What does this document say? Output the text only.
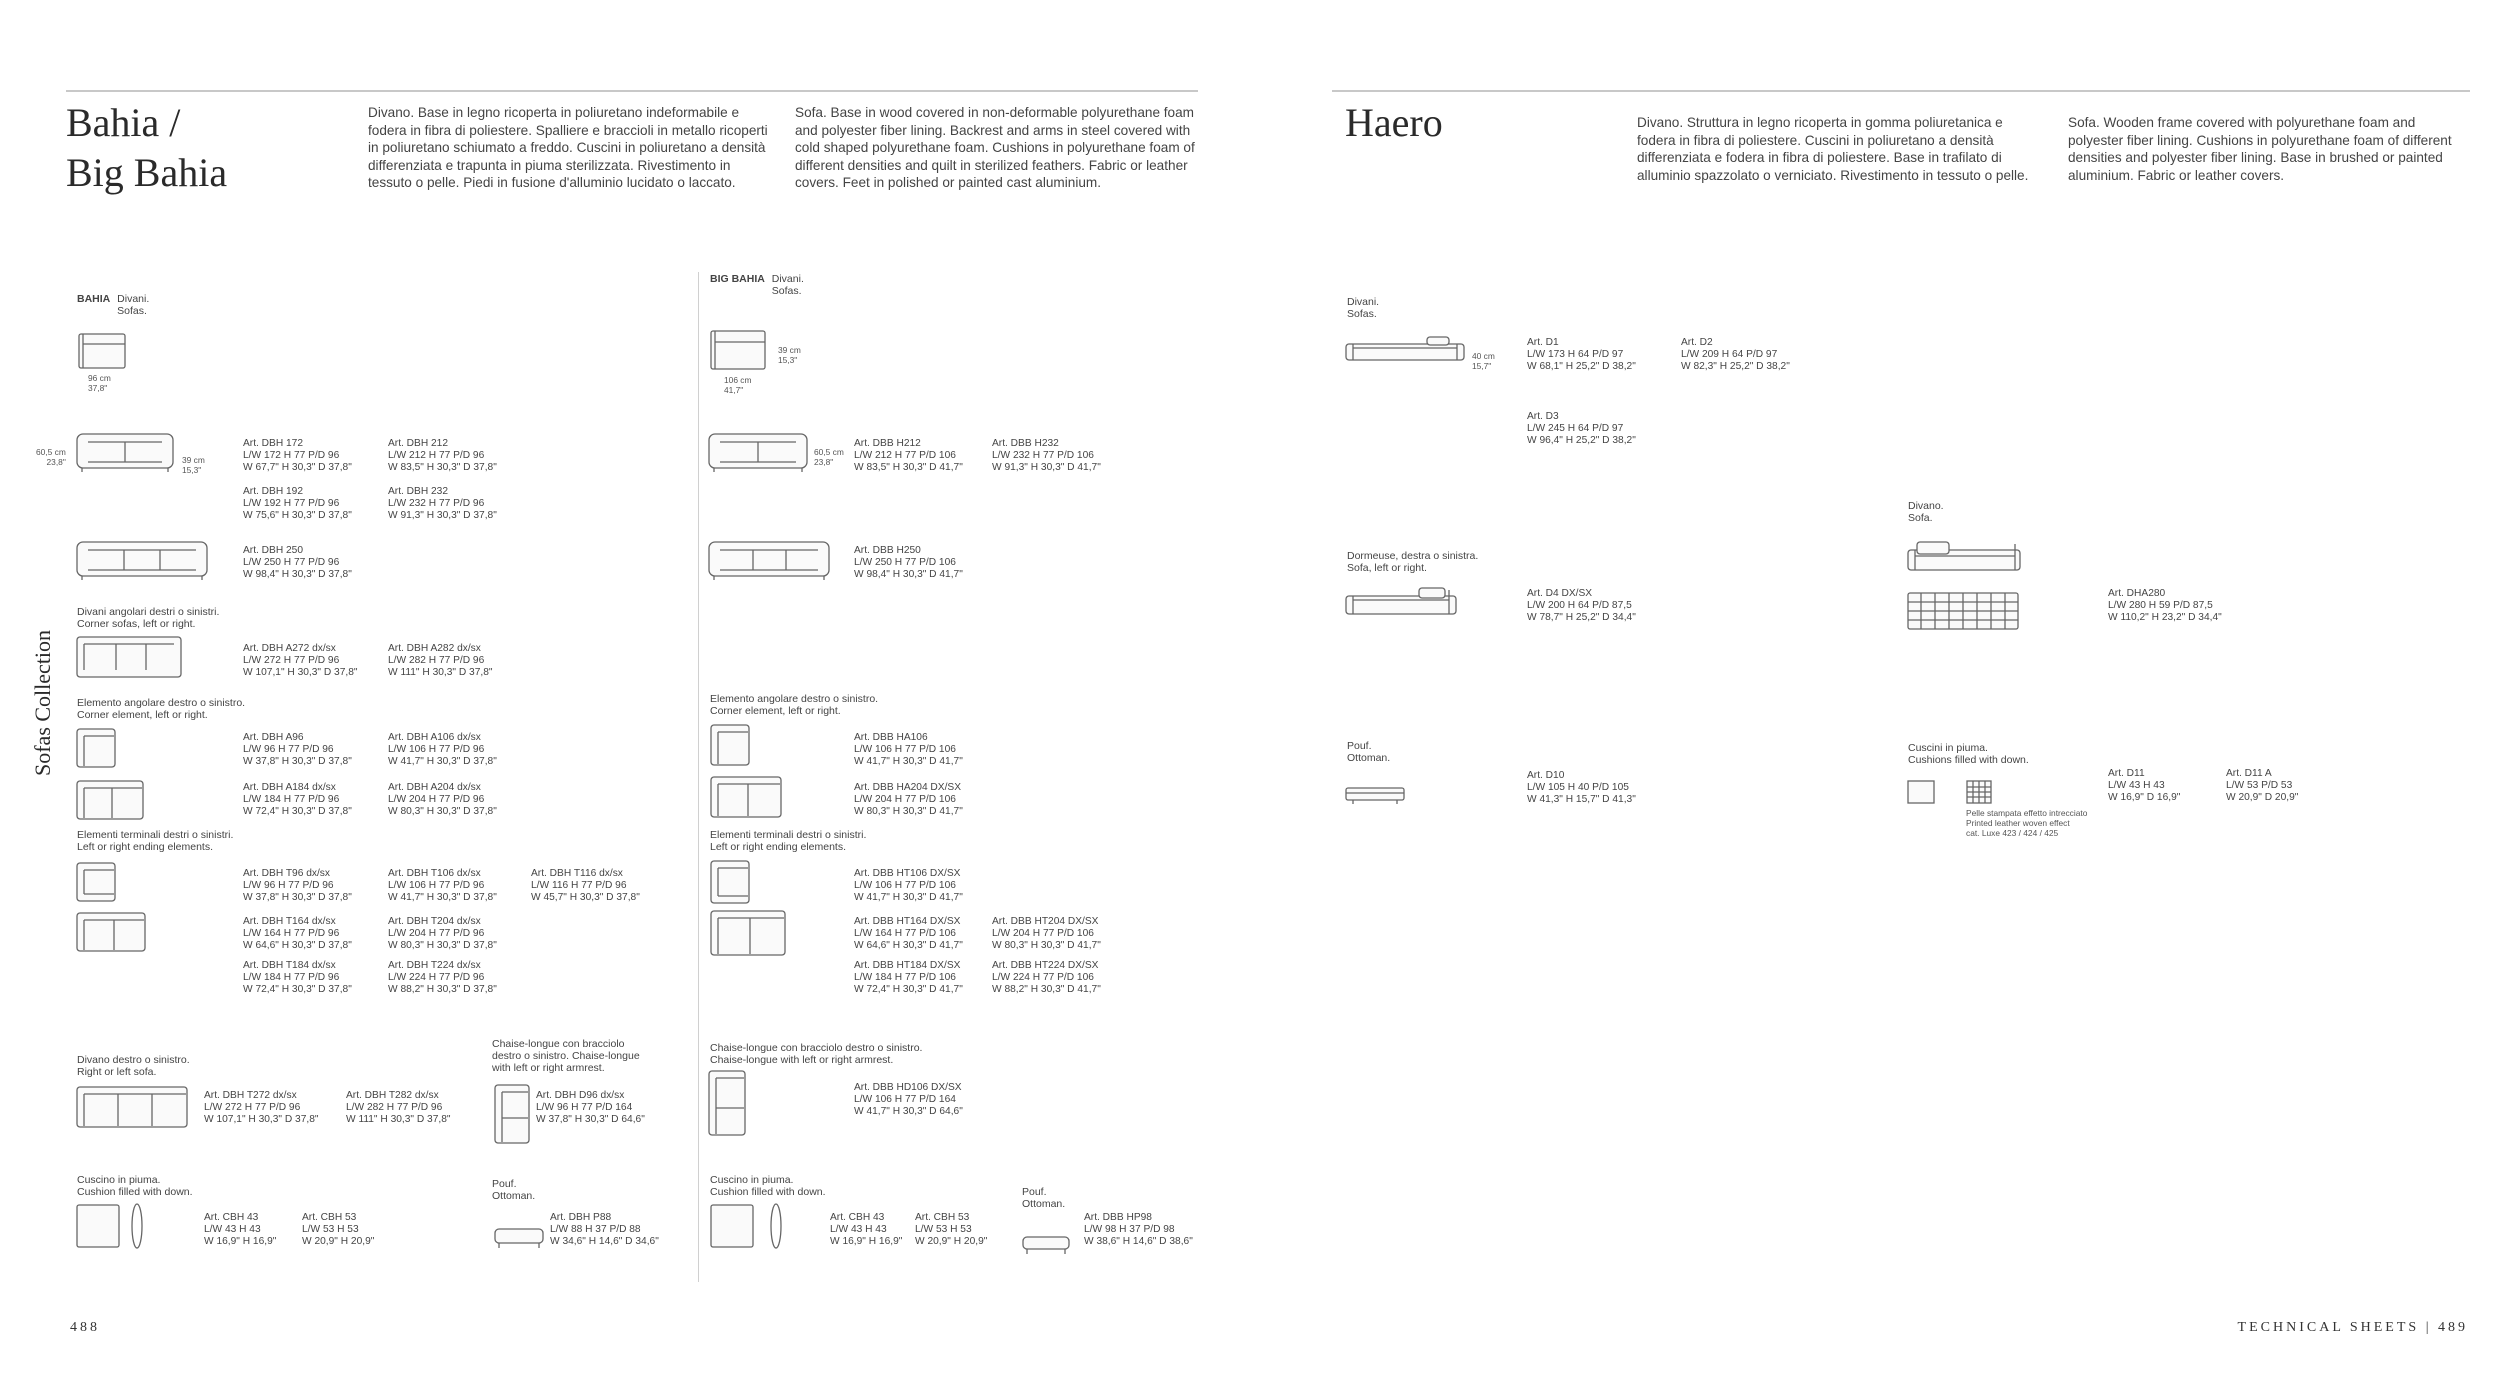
Bahia /
Big Bahia
Divano. Base in legno ricoperta in poliuretano indeformabile e fodera in fibra di poliestere. Spalliere e braccioli in metallo ricoperti in poliuretano schiumato a freddo. Cuscini in poliuretano a densità differenziata e trapunta in piuma sterilizzata. Rivestimento in tessuto o pelle. Piedi in fusione d'alluminio lucidato o laccato.
Sofa. Base in wood covered in non-deformable polyurethane foam and polyester fiber lining. Backrest and arms in steel covered with cold shaped polyurethane foam. Cushions in polyurethane foam of different densities and quilt in sterilized feathers. Fabric or leather covers. Feet in polished or painted cast aluminium.
Sofas Collection
BAHIA Divani.
Sofas.
96 cm
37,8"
60,5 cm
23,8"	39 cm
15,3"
Art. DBH 172
L/W 172 H 77 P/D 96
W 67,7" H 30,3" D 37,8"
Art. DBH 212
L/W 212 H 77 P/D 96
W 83,5" H 30,3" D 37,8"
Art. DBH 192
L/W 192 H 77 P/D 96
W 75,6" H 30,3" D 37,8"
Art. DBH 232
L/W 232 H 77 P/D 96
W 91,3" H 30,3" D 37,8"
Art. DBH 250
L/W 250 H 77 P/D 96
W 98,4" H 30,3" D 37,8"
Divani angolari destri o sinistri.
Corner sofas, left or right.
Art. DBH A272 dx/sx
L/W 272 H 77 P/D 96
W 107,1" H 30,3" D 37,8"
Art. DBH A282 dx/sx
L/W 282 H 77 P/D 96
W 111" H 30,3" D 37,8"
Elemento angolare destro o sinistro.
Corner element, left or right.
Art. DBH A96
L/W 96 H 77 P/D 96
W 37,8" H 30,3" D 37,8"
Art. DBH A106 dx/sx
L/W 106 H 77 P/D 96
W 41,7" H 30,3" D 37,8"
Art. DBH A184 dx/sx
L/W 184 H 77 P/D 96
W 72,4" H 30,3" D 37,8"
Art. DBH A204 dx/sx
L/W 204 H 77 P/D 96
W 80,3" H 30,3" D 37,8"
Elementi terminali destri o sinistri.
Left or right ending elements.
Art. DBH T96 dx/sx
L/W 96 H 77 P/D 96
W 37,8" H 30,3" D 37,8"
Art. DBH T106 dx/sx
L/W 106 H 77 P/D 96
W 41,7" H 30,3" D 37,8"
Art. DBH T116 dx/sx
L/W 116 H 77 P/D 96
W 45,7" H 30,3" D 37,8"
Art. DBH T164 dx/sx
L/W 164 H 77 P/D 96
W 64,6" H 30,3" D 37,8"
Art. DBH T204 dx/sx
L/W 204 H 77 P/D 96
W 80,3" H 30,3" D 37,8"
Art. DBH T184 dx/sx
L/W 184 H 77 P/D 96
W 72,4" H 30,3" D 37,8"
Art. DBH T224 dx/sx
L/W 224 H 77 P/D 96
W 88,2" H 30,3" D 37,8"
Divano destro o sinistro.
Right or left sofa.
Art. DBH T272 dx/sx
L/W 272 H 77 P/D 96
W 107,1" H 30,3" D 37,8"
Art. DBH T282 dx/sx
L/W 282 H 77 P/D 96
W 111" H 30,3" D 37,8"
Chaise-longue con bracciolo
destro o sinistro. Chaise-longue
with left or right armrest.
Art. DBH D96 dx/sx
L/W 96 H 77 P/D 164
W 37,8" H 30,3" D 64,6"
Cuscino in piuma.
Cushion filled with down.
Art. CBH 43
L/W 43 H 43
W 16,9" H 16,9"
Art. CBH 53
L/W 53 H 53
W 20,9" H 20,9"
Pouf.
Ottoman.
Art. DBH P88
L/W 88 H 37 P/D 88
W 34,6" H 14,6" D 34,6"
BIG BAHIA Divani.
Sofas.
39 cm
15,3"
106 cm
41,7"
60,5 cm
23,8"
Art. DBB H212
L/W 212 H 77 P/D 106
W 83,5" H 30,3" D 41,7"
Art. DBB H232
L/W 232 H 77 P/D 106
W 91,3" H 30,3" D 41,7"
Art. DBB H250
L/W 250 H 77 P/D 106
W 98,4" H 30,3" D 41,7"
Elemento angolare destro o sinistro.
Corner element, left or right.
Art. DBB HA106
L/W 106 H 77 P/D 106
W 41,7" H 30,3" D 41,7"
Art. DBB HA204 DX/SX
L/W 204 H 77 P/D 106
W 80,3" H 30,3" D 41,7"
Elementi terminali destri o sinistri.
Left or right ending elements.
Art. DBB HT106 DX/SX
L/W 106 H 77 P/D 106
W 41,7" H 30,3" D 41,7"
Art. DBB HT164 DX/SX
L/W 164 H 77 P/D 106
W 64,6" H 30,3" D 41,7"
Art. DBB HT204 DX/SX
L/W 204 H 77 P/D 106
W 80,3" H 30,3" D 41,7"
Art. DBB HT184 DX/SX
L/W 184 H 77 P/D 106
W 72,4" H 30,3" D 41,7"
Art. DBB HT224 DX/SX
L/W 224 H 77 P/D 106
W 88,2" H 30,3" D 41,7"
Chaise-longue con bracciolo destro o sinistro.
Chaise-longue with left or right armrest.
Art. DBB HD106 DX/SX
L/W 106 H 77 P/D 164
W 41,7" H 30,3" D 64,6"
Cuscino in piuma.
Cushion filled with down.
Art. CBH 43
L/W 43 H 43
W 16,9" H 16,9"
Art. CBH 53
L/W 53 H 53
W 20,9" H 20,9"
Pouf.
Ottoman.
Art. DBB HP98
L/W 98 H 37 P/D 98
W 38,6" H 14,6" D 38,6"
488
Haero	Divano. Struttura in legno ricoperta in gomma poliuretanica e fodera in fibra di poliestere. Cuscini in poliuretano a densità differenziata e fodera in fibra di poliestere. Base in trafilato di alluminio spazzolato o verniciato. Rivestimento in tessuto o pelle.
Sofa. Wooden frame covered with polyurethane foam and polyester fiber lining. Cushions in polyurethane foam of different densities and polyester fiber lining. Base in brushed or painted aluminium. Fabric or leather covers.
Divani.
Sofas.
40 cm
15,7"
Art. D1
L/W 173 H 64 P/D 97
W 68,1" H 25,2" D 38,2"
Art. D2
L/W 209 H 64 P/D 97
W 82,3" H 25,2" D 38,2"
Art. D3
L/W 245 H 64 P/D 97
W 96,4" H 25,2" D 38,2"
Dormeuse, destra o sinistra.
Sofa, left or right.
Art. D4 DX/SX
L/W 200 H 64 P/D 87,5
W 78,7" H 25,2" D 34,4"
Divano.
Sofa.
Art. DHA280
L/W 280 H 59 P/D 87,5
W 110,2" H 23,2" D 34,4"
Pouf.
Ottoman.
Art. D10
L/W 105 H 40 P/D 105
W 41,3" H 15,7" D 41,3"
Cuscini in piuma.
Cushions filled with down.
Pelle stampata effetto intrecciato
Printed leather woven effect
cat. Luxe 423 / 424 / 425
Art. D11
L/W 43 H 43
W 16,9" D 16,9"
Art. D11 A
L/W 53 P/D 53
W 20,9" D 20,9"
TECHNICAL SHEETS | 489
